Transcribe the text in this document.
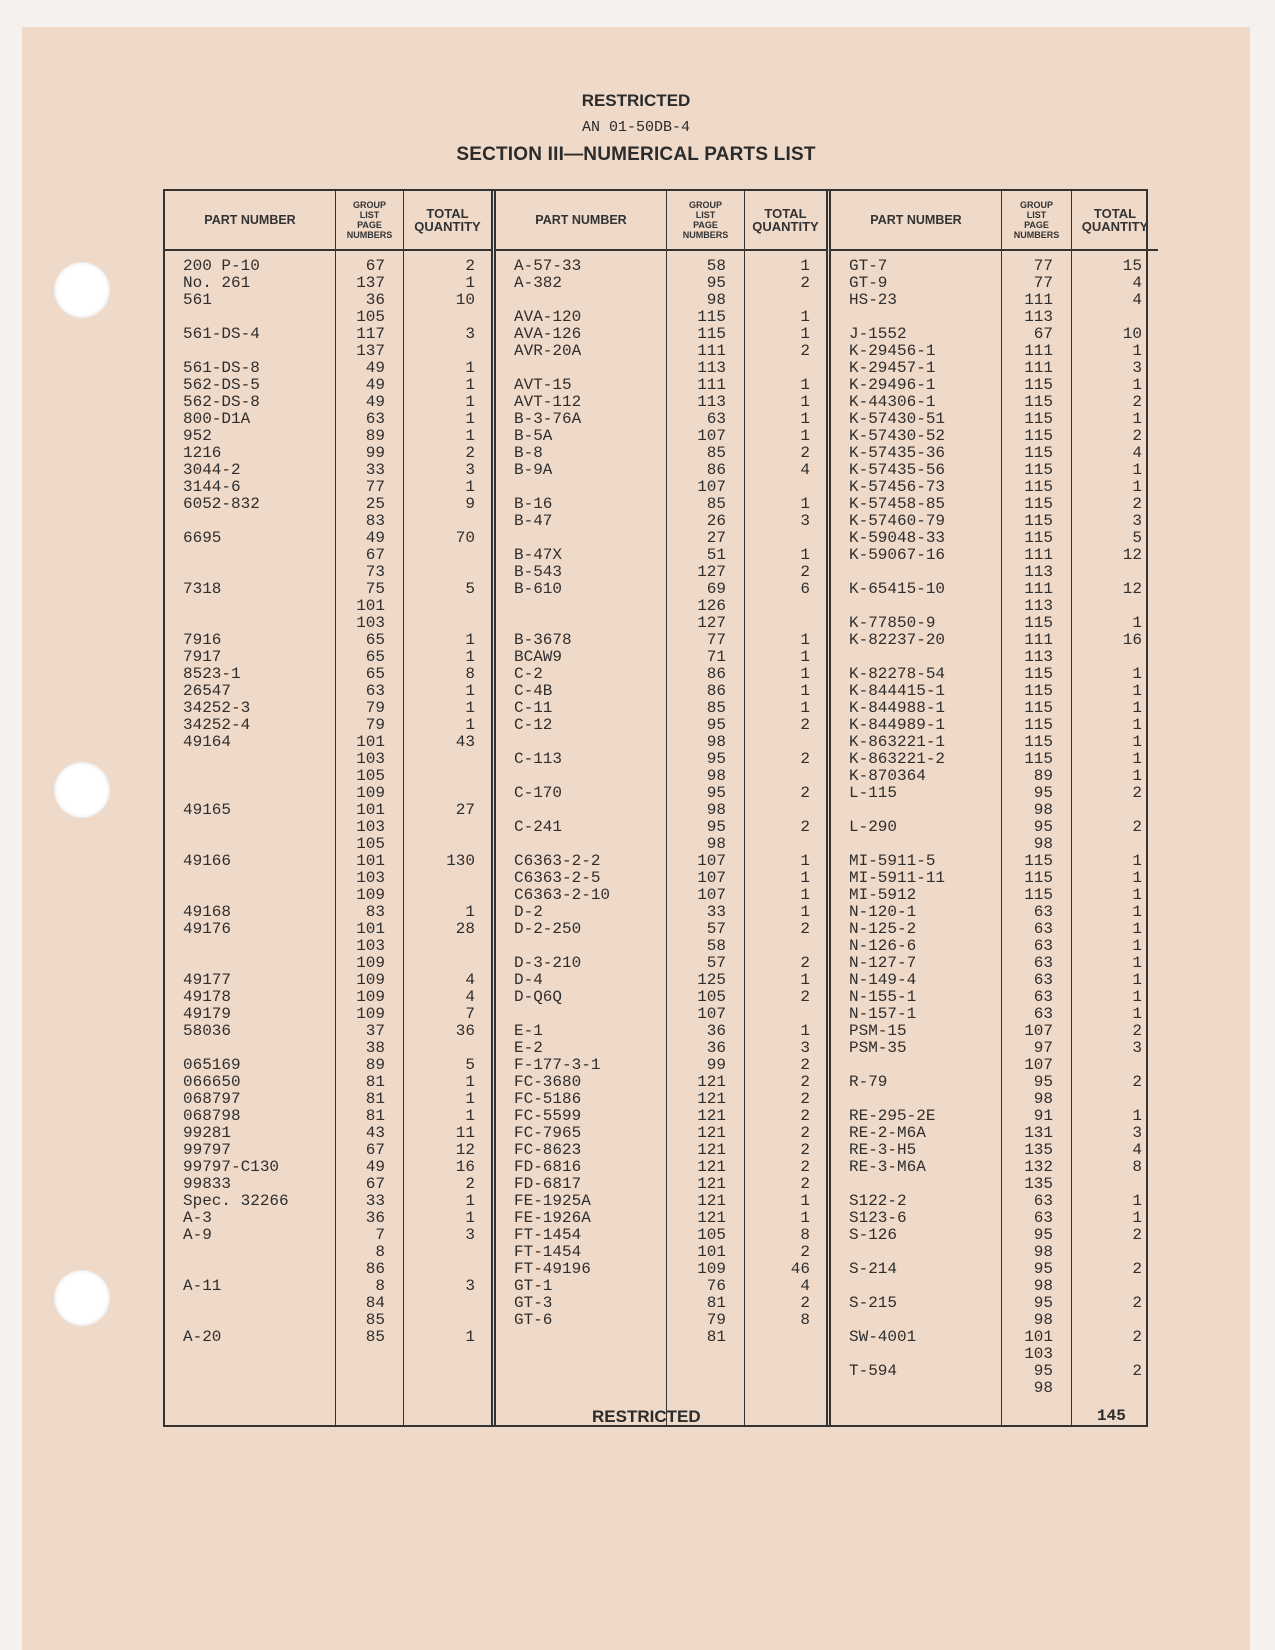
RESTRICTED
AN 01-50DB-4
SECTION III—NUMERICAL PARTS LIST
PART NUMBER
GROUP
LIST
PAGE
NUMBERS
TOTAL
QUANTITY
200 P-10
No. 261
561
561-DS-4
561-DS-8
562-DS-5
562-DS-8
800-D1A
952
1216
3044-2
3144-6
6052-832
6695
7318
7916
7917
8523-1
26547
34252-3
34252-4
49164
49165
49166
49168
49176
49177
49178
49179
58036
065169
066650
068797
068798
99281
99797
99797-C130
99833
Spec. 32266
A-3
A-9
A-11
A-20
67
137
36
105
117
137
49
49
49
63
89
99
33
77
25
83
49
67
73
75
101
103
65
65
65
63
79
79
101
103
105
109
101
103
105
101
103
109
83
101
103
109
109
109
109
37
38
89
81
81
81
43
67
49
67
33
36
7
8
86
8
84
85
85
2
1
10
3
1
1
1
1
1
2
3
1
9
70
5
1
1
8
1
1
1
43
27
130
1
28
4
4
7
36
5
1
1
1
11
12
16
2
1
1
3
3
1
PART NUMBER
GROUP
LIST
PAGE
NUMBERS
TOTAL
QUANTITY
A-57-33
A-382
AVA-120
AVA-126
AVR-20A
AVT-15
AVT-112
B-3-76A
B-5A
B-8
B-9A
B-16
B-47
B-47X
B-543
B-610
B-3678
BCAW9
C-2
C-4B
C-11
C-12
C-113
C-170
C-241
C6363-2-2
C6363-2-5
C6363-2-10
D-2
D-2-250
D-3-210
D-4
D-Q6Q
E-1
E-2
F-177-3-1
FC-3680
FC-5186
FC-5599
FC-7965
FC-8623
FD-6816
FD-6817
FE-1925A
FE-1926A
FT-1454
FT-1454
FT-49196
GT-1
GT-3
GT-6
58
95
98
115
115
111
113
111
113
63
107
85
86
107
85
26
27
51
127
69
126
127
77
71
86
86
85
95
98
95
98
95
98
95
98
107
107
107
33
57
58
57
125
105
107
36
36
99
121
121
121
121
121
121
121
121
121
105
101
109
76
81
79
81
1
2
1
1
2
1
1
1
1
2
4
1
3
1
2
6
1
1
1
1
1
2
2
2
2
1
1
1
1
2
2
1
2
1
3
2
2
2
2
2
2
2
2
1
1
8
2
46
4
2
8
PART NUMBER
GROUP
LIST
PAGE
NUMBERS
TOTAL
QUANTITY
GT-7
GT-9
HS-23
J-1552
K-29456-1
K-29457-1
K-29496-1
K-44306-1
K-57430-51
K-57430-52
K-57435-36
K-57435-56
K-57456-73
K-57458-85
K-57460-79
K-59048-33
K-59067-16
K-65415-10
K-77850-9
K-82237-20
K-82278-54
K-844415-1
K-844988-1
K-844989-1
K-863221-1
K-863221-2
K-870364
L-115
L-290
MI-5911-5
MI-5911-11
MI-5912
N-120-1
N-125-2
N-126-6
N-127-7
N-149-4
N-155-1
N-157-1
PSM-15
PSM-35
R-79
RE-295-2E
RE-2-M6A
RE-3-H5
RE-3-M6A
S122-2
S123-6
S-126
S-214
S-215
SW-4001
T-594
77
77
111
113
67
111
111
115
115
115
115
115
115
115
115
115
115
111
113
111
113
115
111
113
115
115
115
115
115
115
89
95
98
95
98
115
115
115
63
63
63
63
63
63
63
107
97
107
95
98
91
131
135
132
135
63
63
95
98
95
98
95
98
101
103
95
98
15
4
4
10
1
3
1
2
1
2
4
1
1
2
3
5
12
12
1
16
1
1
1
1
1
1
1
2
2
1
1
1
1
1
1
1
1
1
1
2
3
2
1
3
4
8
1
1
2
2
2
2
2
RESTRICTED	145
